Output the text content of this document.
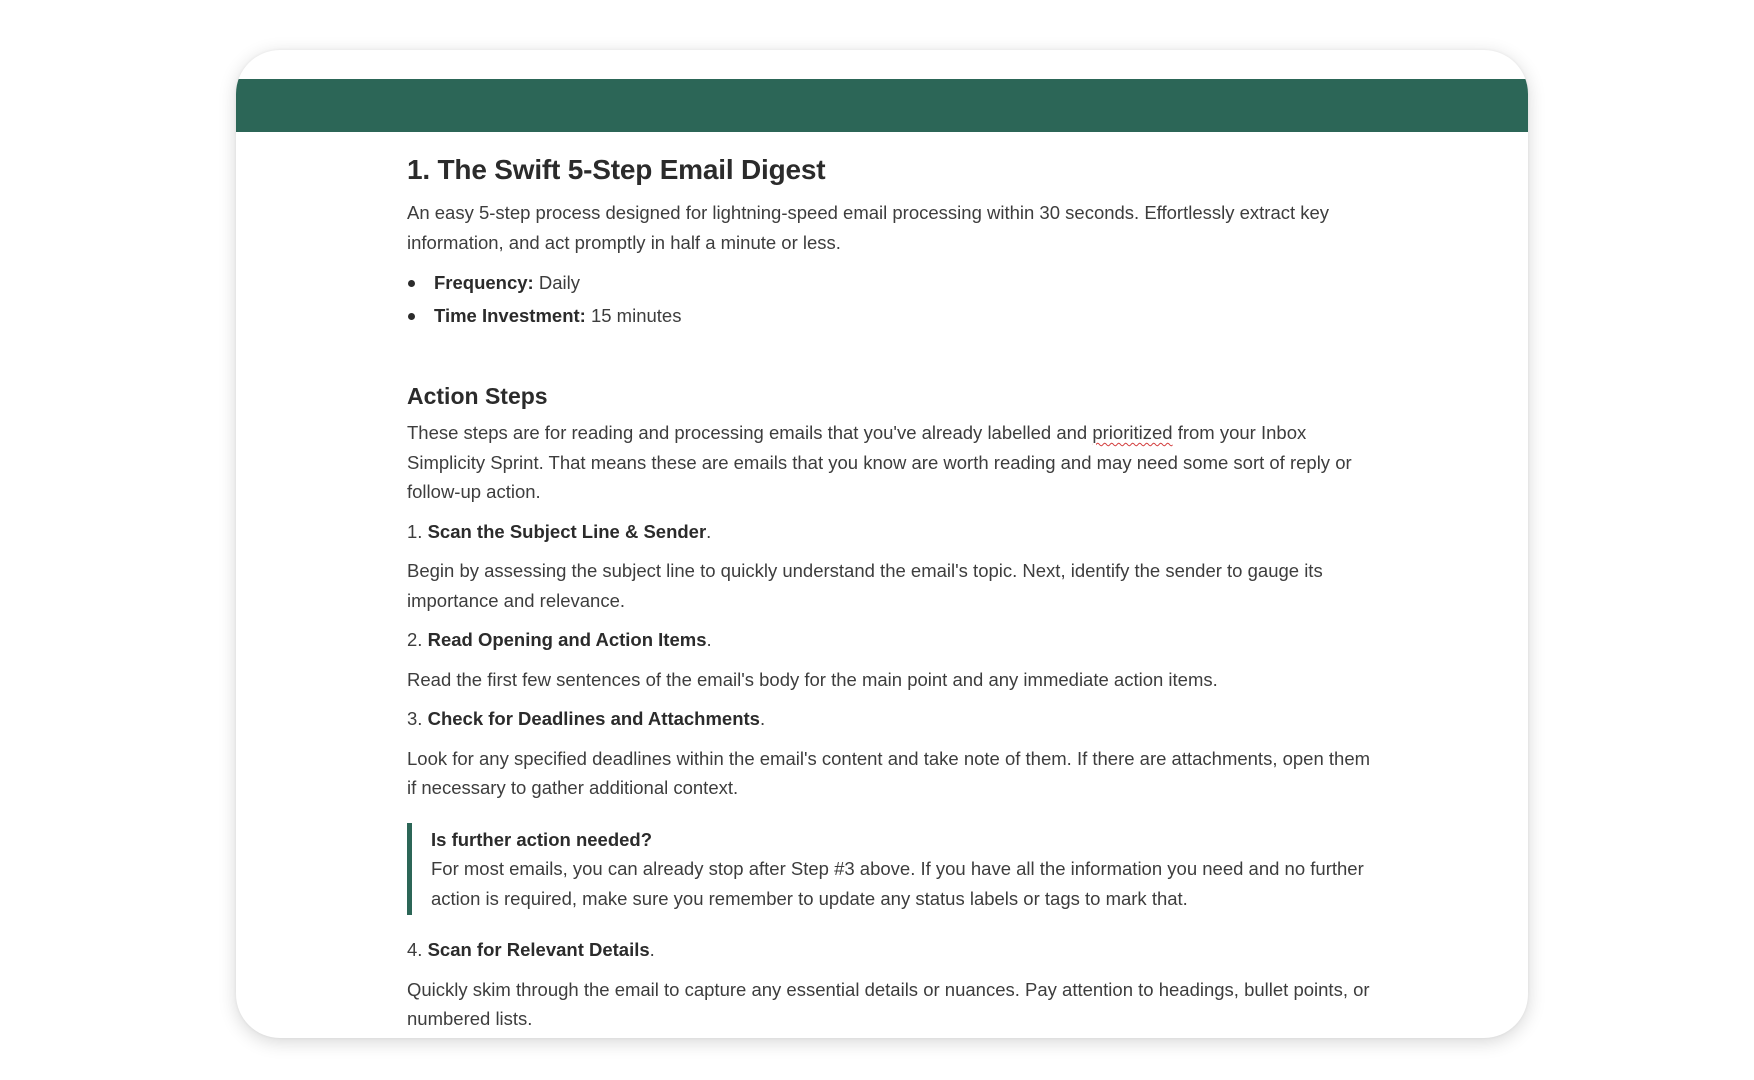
1. The Swift 5-Step Email Digest

An easy 5-step process designed for lightning-speed email processing within 30 seconds. Effortlessly extract key information, and act promptly in half a minute or less.

Frequency: Daily
Time Investment: 15 minutes
Action Steps

These steps are for reading and processing emails that you've already labelled and prioritized from your Inbox Simplicity Sprint. That means these are emails that you know are worth reading and may need some sort of reply or follow-up action.

1. Scan the Subject Line & Sender.

Begin by assessing the subject line to quickly understand the email's topic. Next, identify the sender to gauge its importance and relevance.

2. Read Opening and Action Items.

Read the first few sentences of the email's body for the main point and any immediate action items.

3. Check for Deadlines and Attachments.

Look for any specified deadlines within the email's content and take note of them. If there are attachments, open them if necessary to gather additional context.

Is further action needed?
For most emails, you can already stop after Step #3 above. If you have all the information you need and no further action is required, make sure you remember to update any status labels or tags to mark that.
4. Scan for Relevant Details.

Quickly skim through the email to capture any essential details or nuances. Pay attention to headings, bullet points, or numbered lists.
